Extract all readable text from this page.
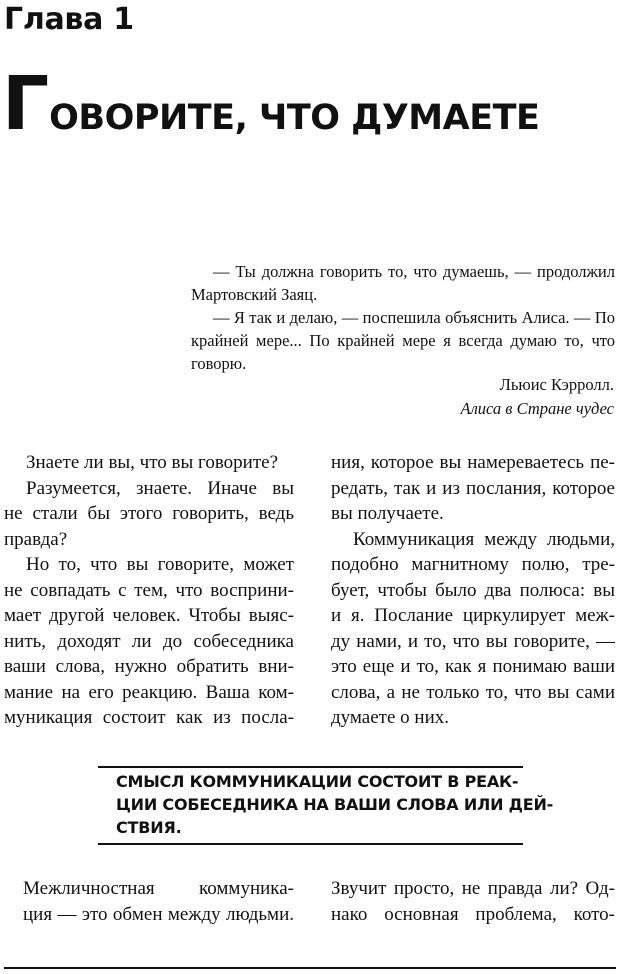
Глава 1
ГОВОРИТЕ, ЧТО ДУМАЕТЕ

— Ты должна говорить то, что думаешь, — продолжил Мартовский Заяц.

— Я так и делаю, — поспешила объяснить Алиса. — По крайней мере... По крайней мере я всегда думаю то, что говорю.

Льюис Кэрролл.
Алиса в Стране чудес
Знаете ли вы, что вы говорите?
Разумеется, знаете. Иначе вы
не стали бы этого говорить, ведь
правда?
Но то, что вы говорите, может
не совпадать с тем, что восприни-
мает другой человек. Чтобы выяс-
нить, доходят ли до собеседника
ваши слова, нужно обратить вни-
мание на его реакцию. Ваша ком-
муникация состоит как из посла-
ния, которое вы намереваетесь пе-
редать, так и из послания, которое
вы получаете.
Коммуникация между людьми,
подобно магнитному полю, тре-
бует, чтобы было два полюса: вы
и я. Послание циркулирует меж-
ду нами, и то, что вы говорите, —
это еще и то, как я понимаю ваши
слова, а не только то, что вы сами
думаете о них.
СМЫСЛ КОММУНИКАЦИИ СОСТОИТ В РЕАК-
ЦИИ СОБЕСЕДНИКА НА ВАШИ СЛОВА ИЛИ ДЕЙ-
СТВИЯ.
Межличностная коммуника-
ция — это обмен между людьми.
Звучит просто, не правда ли? Од-
нако основная проблема, кото-
